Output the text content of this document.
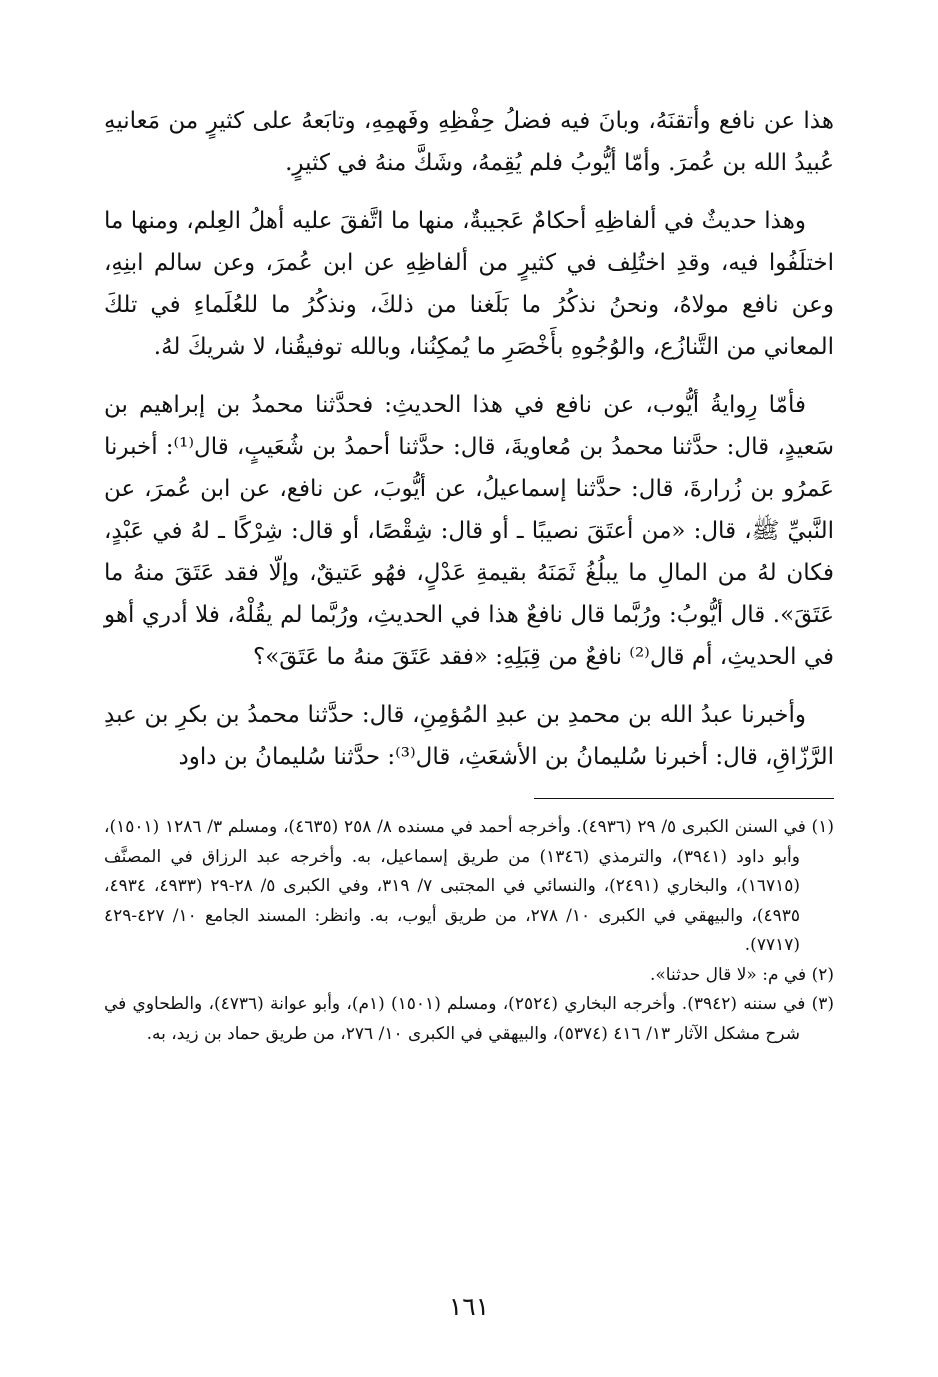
هذا عن نافع وأتقنَهُ، وبانَ فيه فضلُ حِفْظِهِ وفَهمِهِ، وتابَعهُ على كثيرٍ من مَعانيهِ عُبيدُ الله بن عُمرَ. وأمّا أيُّوبُ فلم يُقِمهُ، وشَكَّ منهُ في كثيرٍ.

وهذا حديثٌ في ألفاظِهِ أحكامٌ عَجيبةٌ، منها ما اتَّفقَ عليه أهلُ العِلم، ومنها ما اختلَفُوا فيه، وقدِ اختُلِف في كثيرٍ من ألفاظِهِ عن ابن عُمرَ، وعن سالم ابنِهِ، وعن نافع مولاهُ، ونحنُ نذكُرُ ما بَلَغنا من ذلكَ، ونذكُرُ ما للعُلَماءِ في تلكَ المعاني من التَّنازُع، والوُجُوهِ بأَخْصَرِ ما يُمكِنُنا، وبالله توفيقُنا، لا شريكَ لهُ.

فأمّا رِوايةُ أيُّوب، عن نافع في هذا الحديثِ: فحدَّثنا محمدُ بن إبراهيم بن سَعيدٍ، قال: حدَّثنا محمدُ بن مُعاويةَ، قال: حدَّثنا أحمدُ بن شُعَيبٍ، قال⁽¹⁾: أخبرنا عَمرُو بن زُرارةَ، قال: حدَّثنا إسماعيلُ، عن أيُّوبَ، عن نافع، عن ابن عُمرَ، عن النَّبيِّ ﷺ، قال: «من أعتَقَ نصيبًا ـ أو قال: شِقْصًا، أو قال: شِرْكًا ـ لهُ في عَبْدٍ، فكان لهُ من المالِ ما يبلُغُ ثَمَنَهُ بقيمةِ عَدْلٍ، فهُو عَتيقٌ، وإلّا فقد عَتَقَ منهُ ما عَتَقَ». قال أيُّوبُ: ورُبَّما قال نافعٌ هذا في الحديثِ، ورُبَّما لم يقُلْهُ، فلا أدري أهو في الحديثِ، أم قال⁽²⁾ نافعٌ من قِبَلِهِ: «فقد عَتَقَ منهُ ما عَتَقَ»؟

وأخبرنا عبدُ الله بن محمدِ بن عبدِ المُؤمِنِ، قال: حدَّثنا محمدُ بن بكرِ بن عبدِ الرَّزّاقِ، قال: أخبرنا سُليمانُ بن الأشعَثِ، قال⁽³⁾: حدَّثنا سُليمانُ بن داود

(١) في السنن الكبرى ٥/ ٢٩ (٤٩٣٦). وأخرجه أحمد في مسنده ٨/ ٢٥٨ (٤٦٣٥)، ومسلم ٣/ ١٢٨٦ (١٥٠١)، وأبو داود (٣٩٤١)، والترمذي (١٣٤٦) من طريق إسماعيل، به. وأخرجه عبد الرزاق في المصنَّف (١٦٧١٥)، والبخاري (٢٤٩١)، والنسائي في المجتبى ٧/ ٣١٩، وفي الكبرى ٥/ ٢٨-٢٩ (٤٩٣٣، ٤٩٣٤، ٤٩٣٥)، والبيهقي في الكبرى ١٠/ ٢٧٨، من طريق أيوب، به. وانظر: المسند الجامع ١٠/ ٤٢٧-٤٢٩ (٧٧١٧).

(٢) في م: «لا قال حدثنا».

(٣) في سننه (٣٩٤٢). وأخرجه البخاري (٢٥٢٤)، ومسلم (١٥٠١) (١م)، وأبو عوانة (٤٧٣٦)، والطحاوي في شرح مشكل الآثار ١٣/ ٤١٦ (٥٣٧٤)، والبيهقي في الكبرى ١٠/ ٢٧٦، من طريق حماد بن زيد، به.

١٦١
